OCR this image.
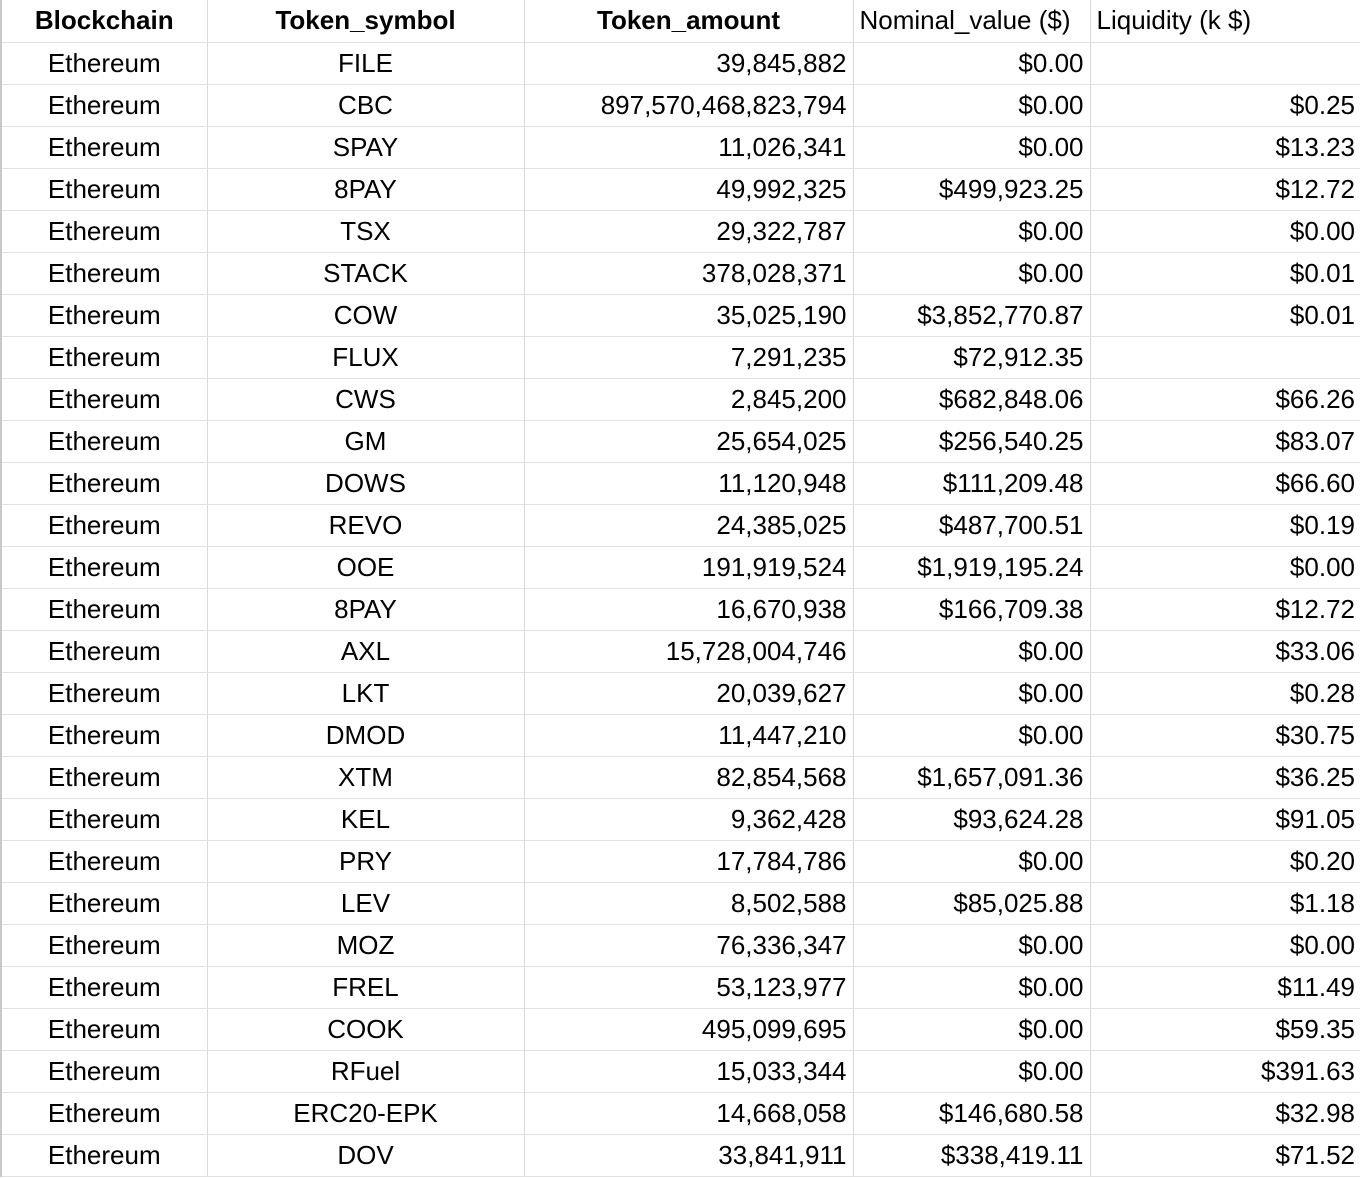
Blockchain	Token_symbol	Token_amount	Nominal_value ($)	Liquidity (k $)
Ethereum	FILE	39,845,882	$0.00	
Ethereum	CBC	897,570,468,823,794	$0.00	$0.25
Ethereum	SPAY	11,026,341	$0.00	$13.23
Ethereum	8PAY	49,992,325	$499,923.25	$12.72
Ethereum	TSX	29,322,787	$0.00	$0.00
Ethereum	STACK	378,028,371	$0.00	$0.01
Ethereum	COW	35,025,190	$3,852,770.87	$0.01
Ethereum	FLUX	7,291,235	$72,912.35	
Ethereum	CWS	2,845,200	$682,848.06	$66.26
Ethereum	GM	25,654,025	$256,540.25	$83.07
Ethereum	DOWS	11,120,948	$111,209.48	$66.60
Ethereum	REVO	24,385,025	$487,700.51	$0.19
Ethereum	OOE	191,919,524	$1,919,195.24	$0.00
Ethereum	8PAY	16,670,938	$166,709.38	$12.72
Ethereum	AXL	15,728,004,746	$0.00	$33.06
Ethereum	LKT	20,039,627	$0.00	$0.28
Ethereum	DMOD	11,447,210	$0.00	$30.75
Ethereum	XTM	82,854,568	$1,657,091.36	$36.25
Ethereum	KEL	9,362,428	$93,624.28	$91.05
Ethereum	PRY	17,784,786	$0.00	$0.20
Ethereum	LEV	8,502,588	$85,025.88	$1.18
Ethereum	MOZ	76,336,347	$0.00	$0.00
Ethereum	FREL	53,123,977	$0.00	$11.49
Ethereum	COOK	495,099,695	$0.00	$59.35
Ethereum	RFuel	15,033,344	$0.00	$391.63
Ethereum	ERC20-EPK	14,668,058	$146,680.58	$32.98
Ethereum	DOV	33,841,911	$338,419.11	$71.52
